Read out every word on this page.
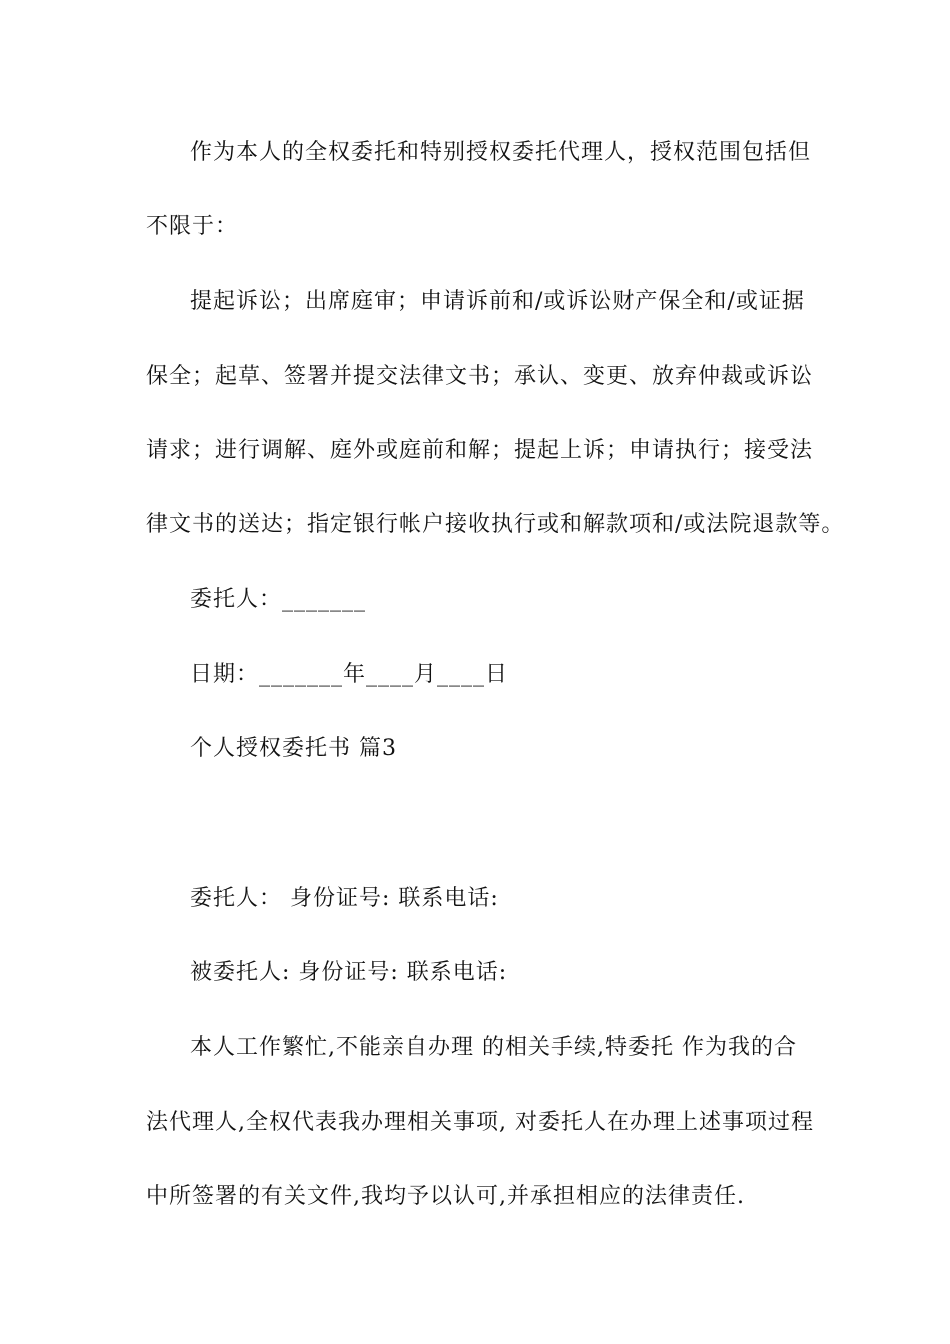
作为本人的全权委托和特别授权委托代理人，授权范围包括但
不限于：
提起诉讼；出席庭审；申请诉前和/或诉讼财产保全和/或证据
保全；起草、签署并提交法律文书；承认、变更、放弃仲裁或诉讼
请求；进行调解、庭外或庭前和解；提起上诉；申请执行；接受法
律文书的送达；指定银行帐户接收执行或和解款项和/或法院退款等。
委托人：_______
日期：_______年____月____日
个人授权委托书 篇3
委托人： 身份证号: 联系电话:
被委托人: 身份证号: 联系电话:
本人工作繁忙,不能亲自办理 的相关手续,特委托 作为我的合
法代理人,全权代表我办理相关事项, 对委托人在办理上述事项过程
中所签署的有关文件,我均予以认可,并承担相应的法律责任.
